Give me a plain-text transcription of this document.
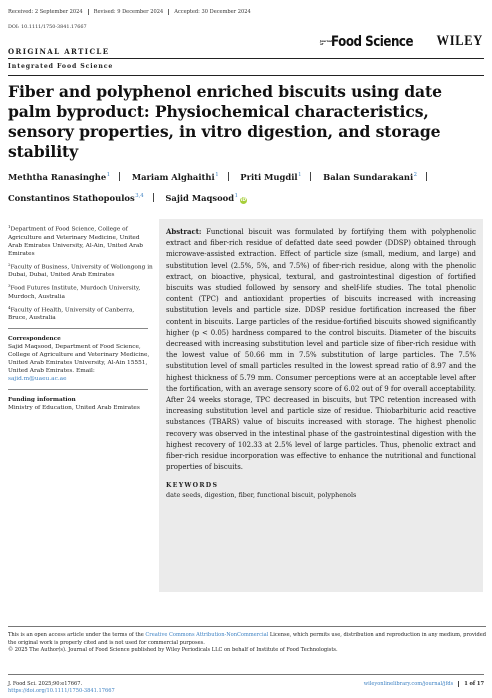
Received: 2 September 2024	Revised: 9 December 2024	Accepted: 30 December 2024
DOI: 10.1111/1750-3841.17667
Journal of Food Science WILEY
ORIGINAL ARTICLE
Integrated Food Science
Fiber and polyphenol enriched biscuits using date palm byproduct: Physiochemical characteristics, sensory properties, in vitro digestion, and storage stability
Meththa Ranasinghe$^1$	Mariam Alghaithi$^1$	Priti Mugdil$^1$	Balan Sundarakani$^2$
Constantinos Stathopoulos$^{3,4}$	Sajid Maqsood$^1$iD
$^1$Department of Food Science, College of Agriculture and Veterinary Medicine, United Arab Emirates University, Al-Ain, United Arab Emirates
$^2$Faculty of Business, University of Wollongong in Dubai, Dubai, United Arab Emirates
$^3$Food Futures Institute, Murdoch University, Murdoch, Australia
$^4$Faculty of Health, University of Canberra, Bruce, Australia
Correspondence
Sajid Maqsood, Department of Food Science, College of Agriculture and Veterinary Medicine, United Arab Emirates University, Al-Ain 15551, United Arab Emirates. Email:
sajid.m@uaeu.ac.ae
Funding information
Ministry of Education, United Arab Emirates

Abstract: Functional biscuit was formulated by fortifying them with polyphenolic extract and fiber-rich residue of defatted date seed powder (DDSP) obtained through microwave-assisted extraction. Effect of particle size (small, medium, and large) and substitution level (2.5%, 5%, and 7.5%) of fiber-rich residue, along with the phenolic extract, on bioactive, physical, textural, and gastrointestinal digestion of fortified biscuits was studied followed by sensory and shelf-life studies. The total phenolic content (TPC) and antioxidant properties of biscuits increased with increasing substitution levels and particle size. DDSP residue fortification increased the fiber content in biscuits. Large particles of the residue-fortified biscuits showed significantly higher (p < 0.05) hardness compared to the control biscuits. Diameter of the biscuits decreased with increasing substitution level and particle size of fiber-rich residue with the lowest value of 50.66 mm in 7.5% substitution of large particles. The 7.5% substitution level of small particles resulted in the lowest spread ratio of 8.97 and the highest thickness of 5.79 mm. Consumer perceptions were at an acceptable level after the fortification, with an average sensory score of 6.02 out of 9 for overall acceptability. After 24 weeks storage, TPC decreased in biscuits, but TPC retention increased with increasing substitution level and particle size of residue. Thiobarbituric acid reactive substances (TBARS) value of biscuits increased with storage. The highest phenolic recovery was observed in the intestinal phase of the gastrointestinal digestion with the highest recovery of 102.33 at 2.5% level of large particles. Thus, phenolic extract and fiber-rich residue incorporation was effective to enhance the nutritional and functional properties of biscuits.

KEYWORDS
date seeds, digestion, fiber, functional biscuit, polyphenols
This is an open access article under the terms of the Creative Commons Attribution-NonCommercial License, which permits use, distribution and reproduction in any medium, provided the original work is properly cited and is not used for commercial purposes.
© 2025 The Author(s). Journal of Food Science published by Wiley Periodicals LLC on behalf of Institute of Food Technologists.
J. Food Sci. 2025;90:e17667.
https://doi.org/10.1111/1750-3841.17667
wileyonlinelibrary.com/journal/jfds	1 of 17
